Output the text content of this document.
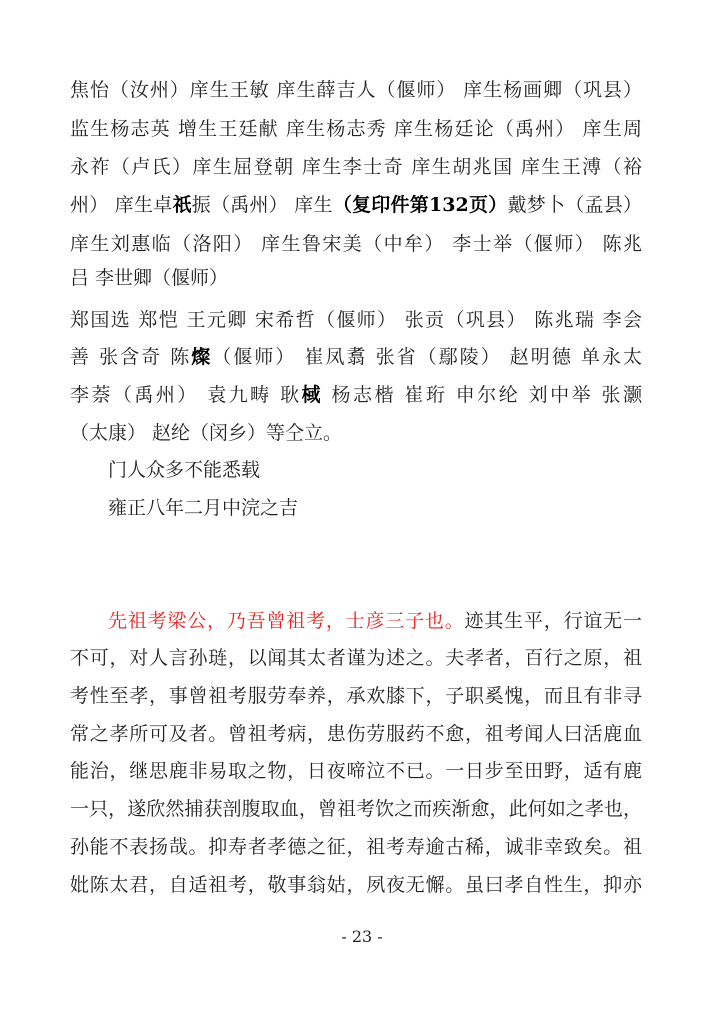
焦怡（汝州）庠生王敏 庠生薛吉人（偃师） 庠生杨画卿（巩县）
监生杨志英 增生王廷献 庠生杨志秀 庠生杨廷论（禹州） 庠生周
永祚（卢氏）庠生屈登朝 庠生李士奇 庠生胡兆国 庠生王溥（裕
州） 庠生卓祇振（禹州） 庠生（复印件第132页）戴梦卜（孟县）
庠生刘惠临（洛阳） 庠生鲁宋美（中牟） 李士举（偃师） 陈兆
吕 李世卿（偃师）
郑国选 郑恺 王元卿 宋希哲（偃师） 张贡（巩县） 陈兆瑞 李会
善 张含奇 陈燦（偃师） 崔凤翥 张省（鄢陵） 赵明德 单永太
李萘（禹州） 袁九畴 耿棫 杨志楷 崔珩 申尔纶 刘中举 张灏
（太康） 赵纶（闵乡）等仝立。
门人众多不能悉载
雍正八年二月中浣之吉
先祖考梁公，乃吾曾祖考，士彦三子也。迹其生平，行谊无一
不可，对人言孙琏，以闻其太者谨为述之。夫孝者，百行之原，祖
考性至孝，事曾祖考服劳奉养，承欢膝下，子职奚愧，而且有非寻
常之孝所可及者。曾祖考病，患伤劳服药不愈，祖考闻人曰活鹿血
能治，继思鹿非易取之物，日夜啼泣不已。一日步至田野，适有鹿
一只，遂欣然捕获剖腹取血，曾祖考饮之而疾渐愈，此何如之孝也，
孙能不表扬哉。抑寿者孝德之征，祖考寿逾古稀，诚非幸致矣。祖
妣陈太君，自适祖考，敬事翁姑，夙夜无懈。虽曰孝自性生，抑亦
- 23 -
